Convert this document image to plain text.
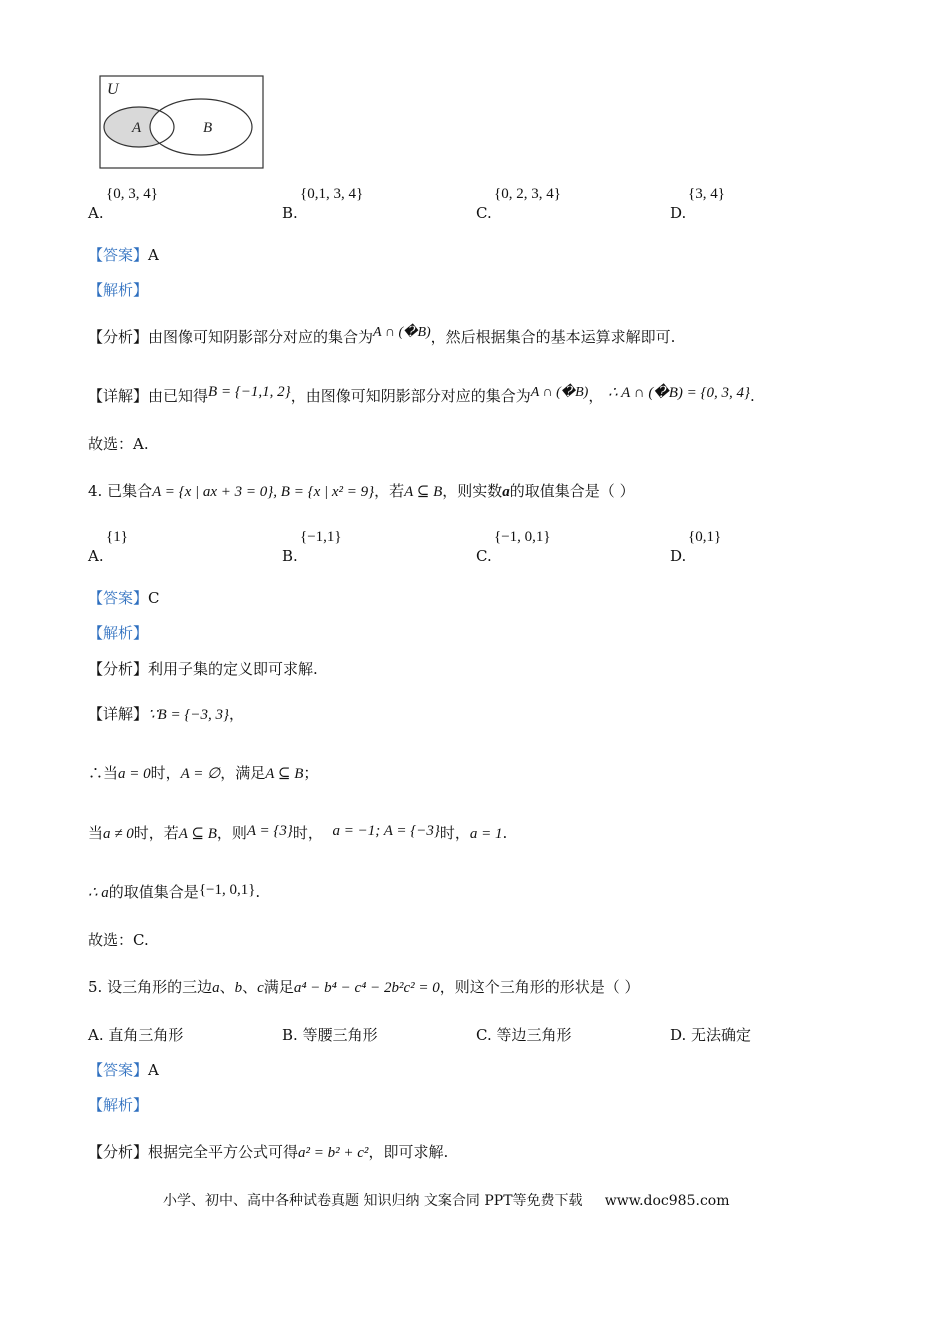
U
A	B
A.
{0, 3, 4}
B.
{0,1, 3, 4}
C.
{0, 2, 3, 4}
D.
{3, 4}
【答案】A
【解析】
【分析】由图像可知阴影部分对应的集合为A ∩ (�B)，然后根据集合的基本运算求解即可.
【详解】由已知得B = {−1,1, 2}，由图像可知阴影部分对应的集合为A ∩ (�B)， ∴ A ∩ (�B) = {0, 3, 4}.
故选：A.
4. 已集合A = {x | ax + 3 = 0}, B = {x | x² = 9}，若A ⊆ B，则实数a的取值集合是（ ）
A.
{1}
B.
{−1,1}
C.
{−1, 0,1}
D.
{0,1}
【答案】C
【解析】
【分析】利用子集的定义即可求解.
【详解】∵B = {−3, 3}，
∴当a = 0时，A = ∅，满足A ⊆ B；
当a ≠ 0时，若A ⊆ B，则A = {3}时， a = −1; A = {−3}时，a = 1.
∴ a的取值集合是{−1, 0,1}.
故选：C.
5. 设三角形的三边a、b、c满足a⁴ − b⁴ − c⁴ − 2b²c² = 0，则这个三角形的形状是（ ）
A. 直角三角形	B. 等腰三角形	C. 等边三角形	D. 无法确定
【答案】A
【解析】
【分析】根据完全平方公式可得a² = b² + c²，即可求解.
小学、初中、高中各种试卷真题 知识归纳 文案合同 PPT等免费下载 www.doc985.com
